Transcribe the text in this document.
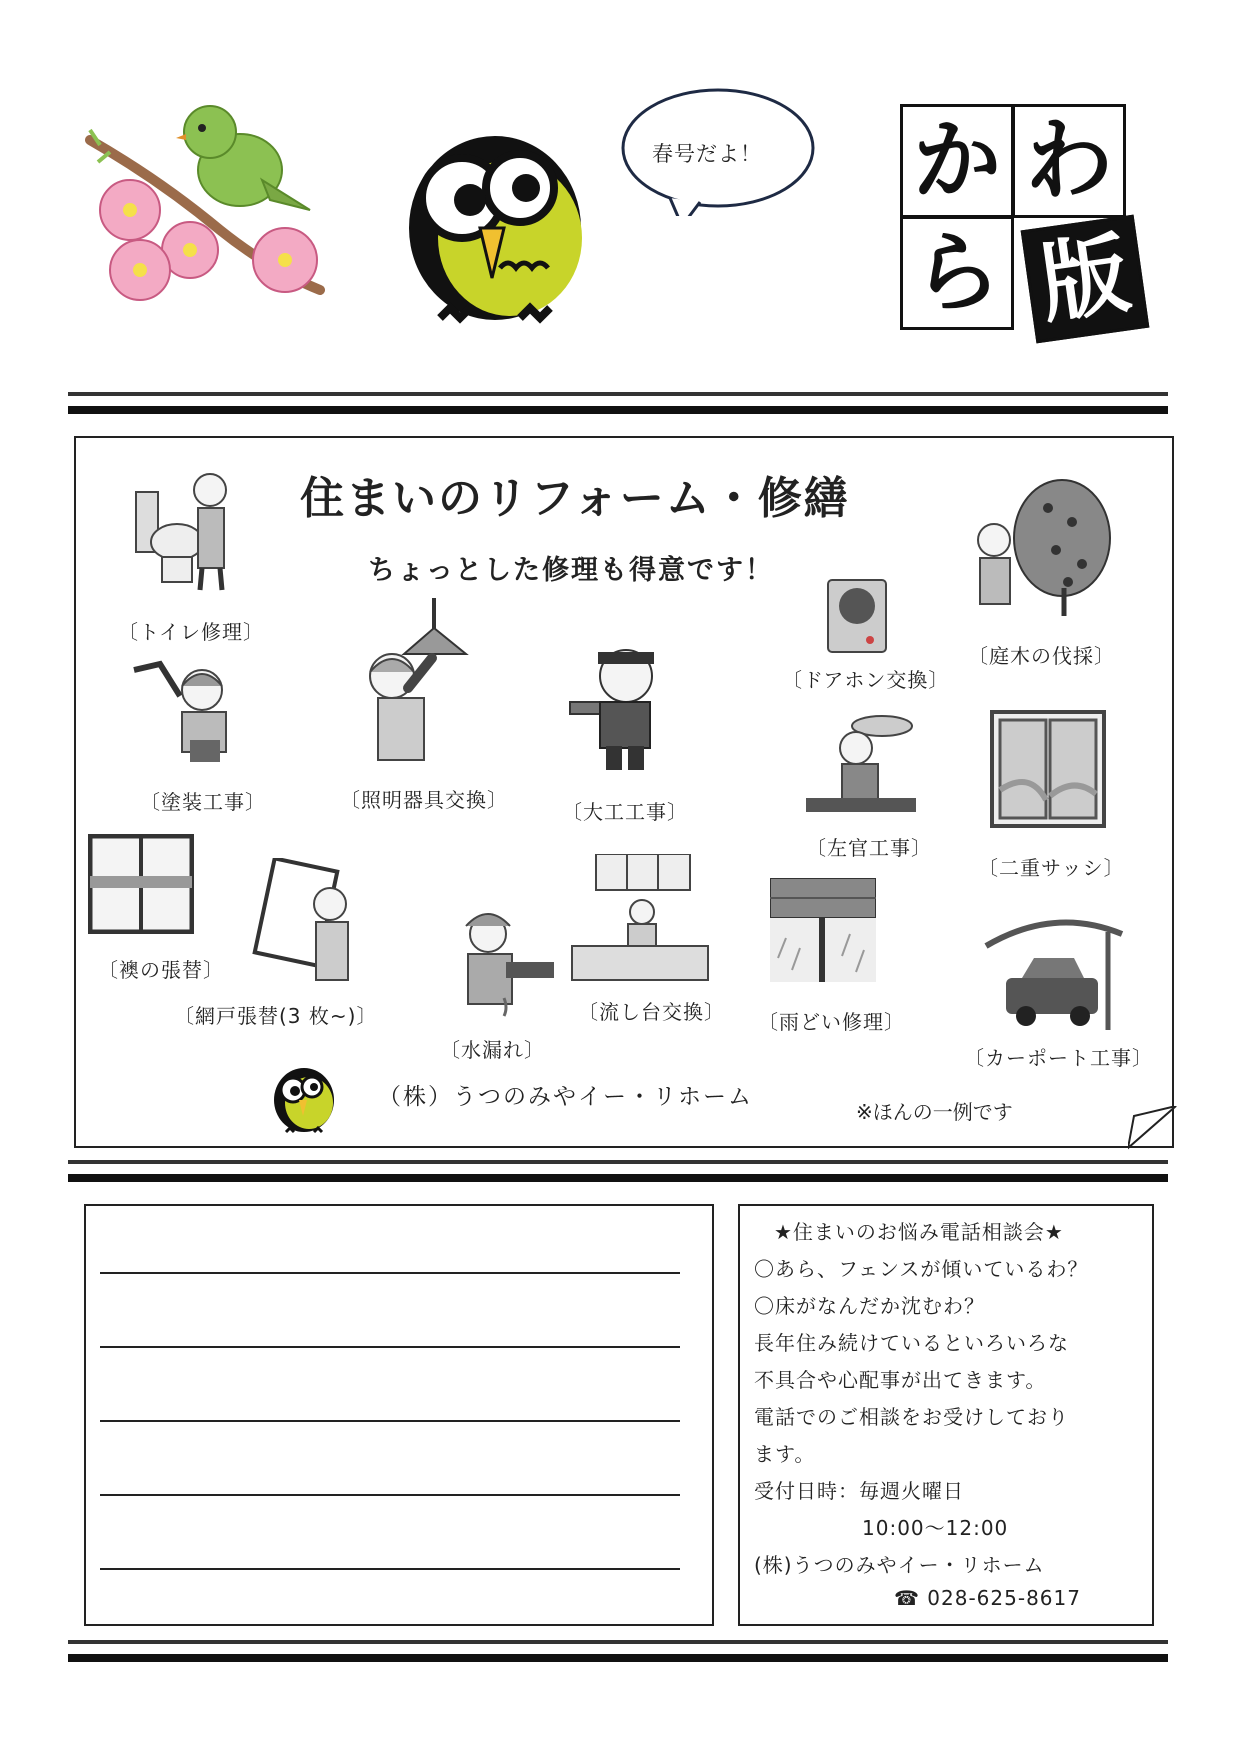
春号だよ！ か わ
ら 版
住まいのリフォーム・修繕
ちょっとした修理も得意です！
〔トイレ修理〕
〔塗装工事〕	〔照明器具交換〕	〔大工工事〕
〔ドアホン交換〕
〔庭木の伐採〕
〔左官工事〕
〔二重サッシ〕
〔襖の張替〕
〔網戸張替(3 枚~)〕
〔水漏れ〕
〔流し台交換〕 〔雨どい修理〕
〔カーポート工事〕
（株）うつのみやイー・リホーム
※ほんの一例です
★住まいのお悩み電話相談会★
〇あら、フェンスが傾いているわ？
〇床がなんだか沈むわ？
長年住み続けているといろいろな
不具合や心配事が出てきます。
電話でのご相談をお受けしており
ます。
受付日時：毎週火曜日
10:00～12:00
(株)うつのみやイー・リホーム
☎ 028-625-8617
